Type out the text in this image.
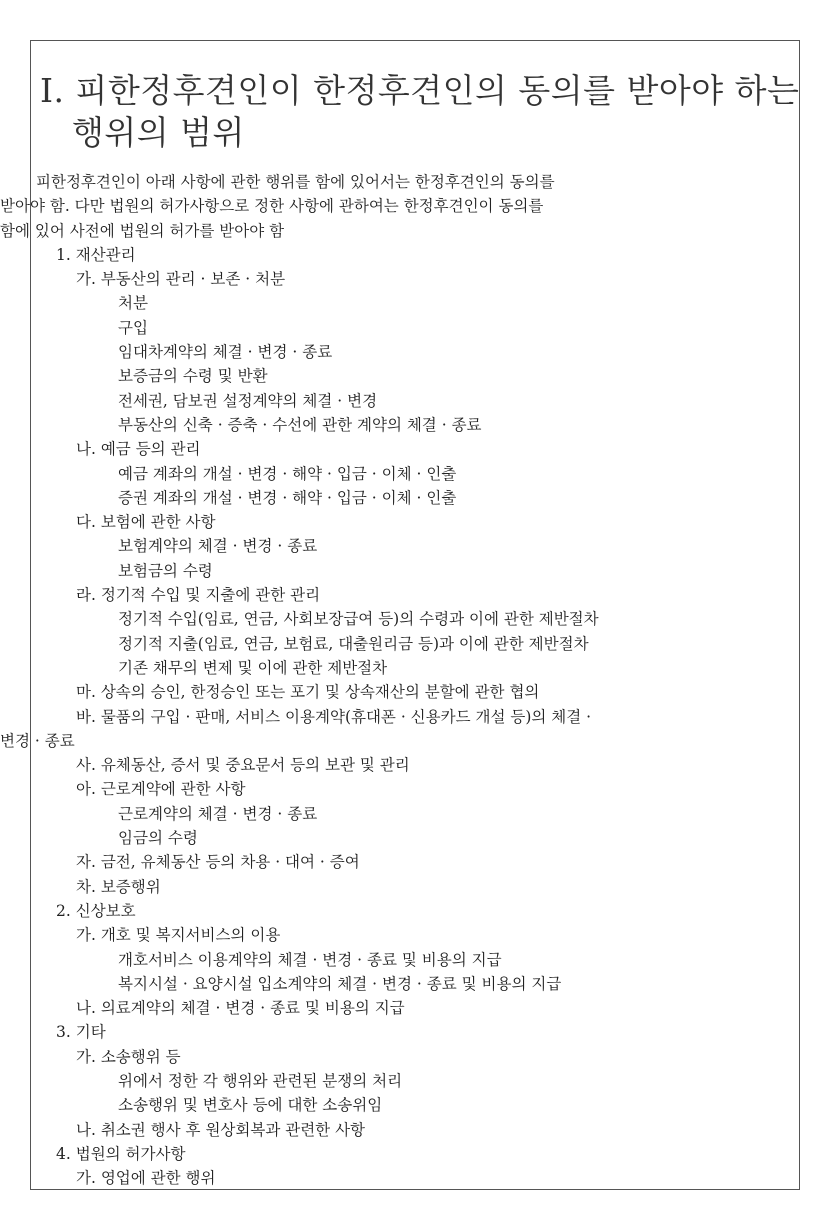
Ⅰ. 피한정후견인이 한정후견인의 동의를 받아야 하는
행위의 범위
피한정후견인이 아래 사항에 관한 행위를 함에 있어서는 한정후견인의 동의를
받아야 함. 다만 법원의 허가사항으로 정한 사항에 관하여는 한정후견인이 동의를
함에 있어 사전에 법원의 허가를 받아야 함
1. 재산관리
가. 부동산의 관리 · 보존 · 처분
처분
구입
임대차계약의 체결 · 변경 · 종료
보증금의 수령 및 반환
전세권, 담보권 설정계약의 체결 · 변경
부동산의 신축 · 증축 · 수선에 관한 계약의 체결 · 종료
나. 예금 등의 관리
예금 계좌의 개설 · 변경 · 해약 · 입금 · 이체 · 인출
증권 계좌의 개설 · 변경 · 해약 · 입금 · 이체 · 인출
다. 보험에 관한 사항
보험계약의 체결 · 변경 · 종료
보험금의 수령
라. 정기적 수입 및 지출에 관한 관리
정기적 수입(임료, 연금, 사회보장급여 등)의 수령과 이에 관한 제반절차
정기적 지출(임료, 연금, 보험료, 대출원리금 등)과 이에 관한 제반절차
기존 채무의 변제 및 이에 관한 제반절차
마. 상속의 승인, 한정승인 또는 포기 및 상속재산의 분할에 관한 협의
바. 물품의 구입 · 판매, 서비스 이용계약(휴대폰 · 신용카드 개설 등)의 체결 ·
변경 · 종료
사. 유체동산, 증서 및 중요문서 등의 보관 및 관리
아. 근로계약에 관한 사항
근로계약의 체결 · 변경 · 종료
임금의 수령
자. 금전, 유체동산 등의 차용 · 대여 · 증여
차. 보증행위
2. 신상보호
가. 개호 및 복지서비스의 이용
개호서비스 이용계약의 체결 · 변경 · 종료 및 비용의 지급
복지시설 · 요양시설 입소계약의 체결 · 변경 · 종료 및 비용의 지급
나. 의료계약의 체결 · 변경 · 종료 및 비용의 지급
3. 기타
가. 소송행위 등
위에서 정한 각 행위와 관련된 분쟁의 처리
소송행위 및 변호사 등에 대한 소송위임
나. 취소권 행사 후 원상회복과 관련한 사항
4. 법원의 허가사항
가. 영업에 관한 행위
